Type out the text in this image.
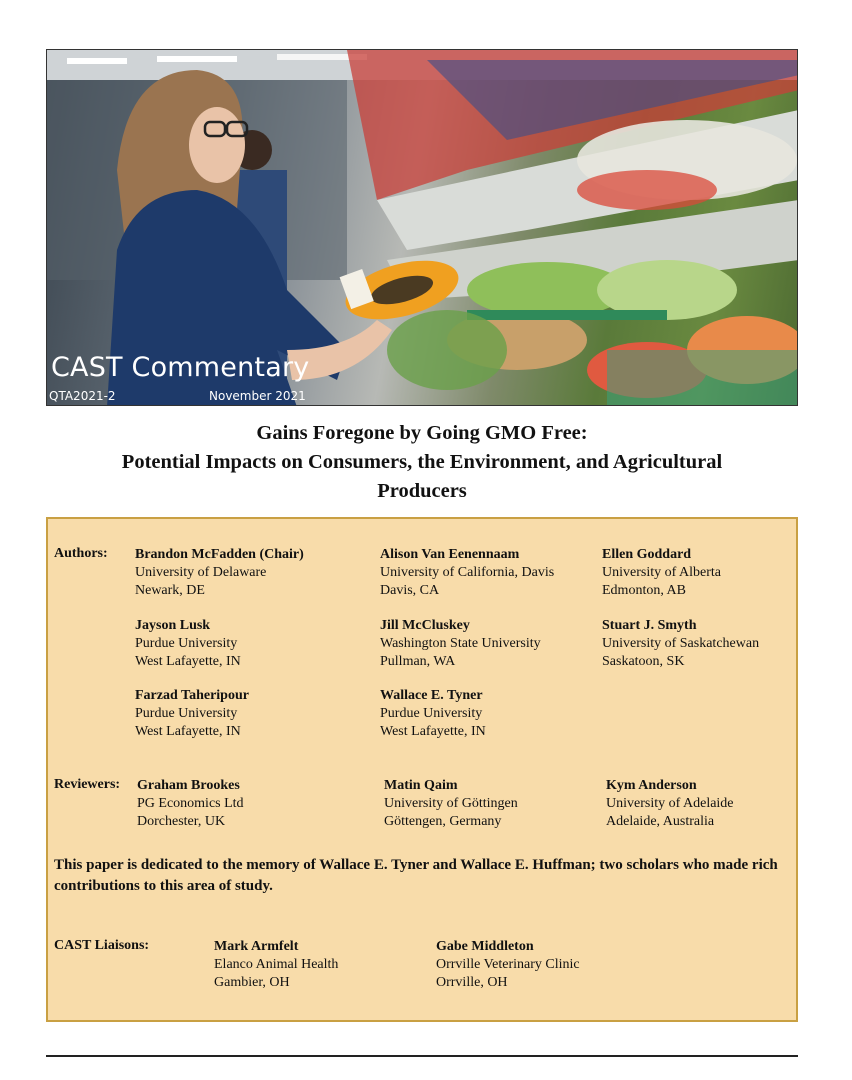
CAST Commentary
QTA2021-2	November 2021
Gains Foregone by Going GMO Free:
Potential Impacts on Consumers, the Environment, and Agricultural
Producers
Authors: Brandon McFadden (Chair)
University of Delaware
Newark, DE
Alison Van Eenennaam
University of California, Davis
Davis, CA
Ellen Goddard
University of Alberta
Edmonton, AB
Jayson Lusk
Purdue University
West Lafayette, IN
Jill McCluskey
Washington State University
Pullman, WA
Stuart J. Smyth
University of Saskatchewan
Saskatoon, SK
Farzad Taheripour
Purdue University
West Lafayette, IN
Wallace E. Tyner
Purdue University
West Lafayette, IN
Reviewers: Graham Brookes
PG Economics Ltd
Dorchester, UK
Matin Qaim
University of Göttingen
Göttengen, Germany
Kym Anderson
University of Adelaide
Adelaide, Australia
This paper is dedicated to the memory of Wallace E. Tyner and Wallace E. Huffman; two scholars who made rich contributions to this area of study.
CAST Liaisons:	Mark Armfelt
Elanco Animal Health
Gambier, OH
Gabe Middleton
Orrville Veterinary Clinic
Orrville, OH
